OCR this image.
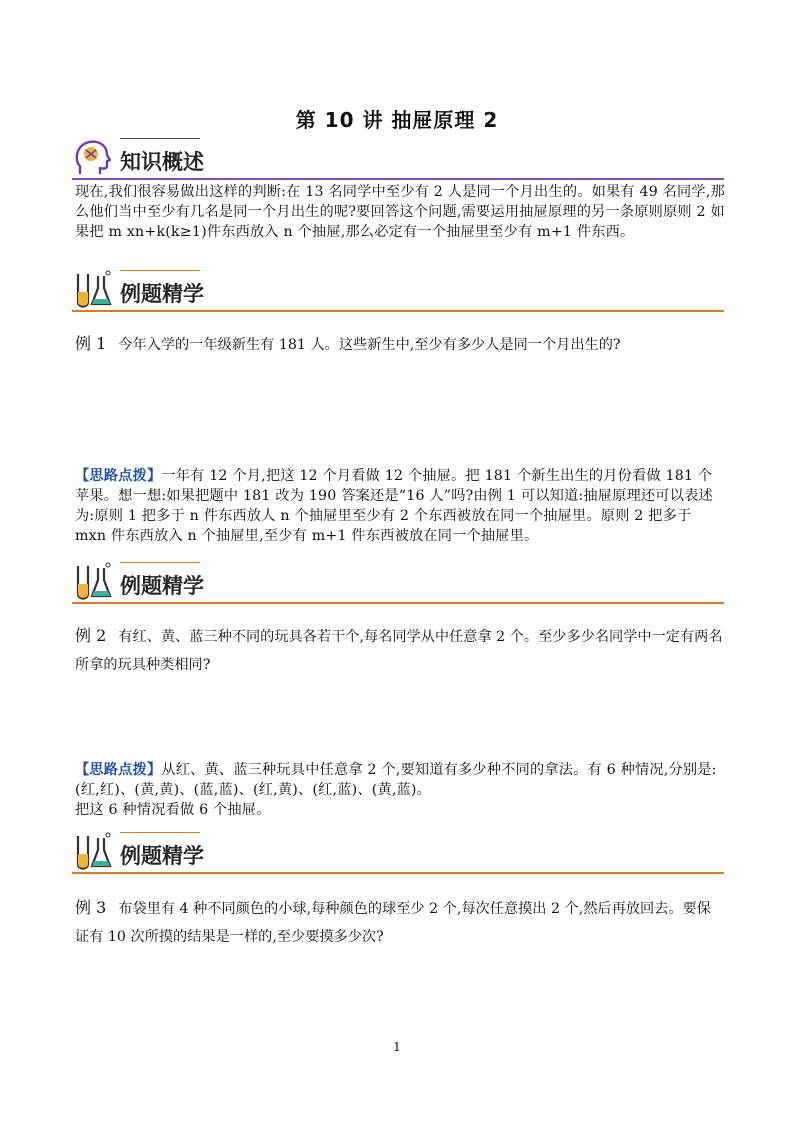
第 10 讲 抽屉原理 2
知识概述
现在,我们很容易做出这样的判断:在 13 名同学中至少有 2 人是同一个月出生的。如果有 49 名同学,那么他们当中至少有几名是同一个月出生的呢?要回答这个问题,需要运用抽屉原理的另一条原则原则 2 如果把 m xn+k(k≥1)件东西放入 n 个抽屉,那么必定有一个抽屉里至少有 m+1 件东西。
例题精学
例 1 今年入学的一年级新生有 181 人。这些新生中,至少有多少人是同一个月出生的?
【思路点拨】一年有 12 个月,把这 12 个月看做 12 个抽屉。把 181 个新生出生的月份看做 181 个苹果。想一想:如果把题中 181 改为 190 答案还是“16 人”吗?由例 1 可以知道:抽屉原理还可以表述为:原则 1 把多于 n 件东西放人 n 个抽屉里至少有 2 个东西被放在同一个抽屉里。原则 2 把多于 mxn 件东西放入 n 个抽屉里,至少有 m+1 件东西被放在同一个抽屉里。
例题精学
例 2 有红、黄、蓝三种不同的玩具各若干个,每名同学从中任意拿 2 个。至少多少名同学中一定有两名所拿的玩具种类相同?
【思路点拨】从红、黄、蓝三种玩具中任意拿 2 个,要知道有多少种不同的拿法。有 6 种情况,分别是:(红,红)、(黄,黄)、(蓝,蓝)、(红,黄)、(红,蓝)、(黄,蓝)。
把这 6 种情况看做 6 个抽屉。
例题精学
例 3 布袋里有 4 种不同颜色的小球,每种颜色的球至少 2 个,每次任意摸出 2 个,然后再放回去。要保证有 10 次所摸的结果是一样的,至少要摸多少次?
1
